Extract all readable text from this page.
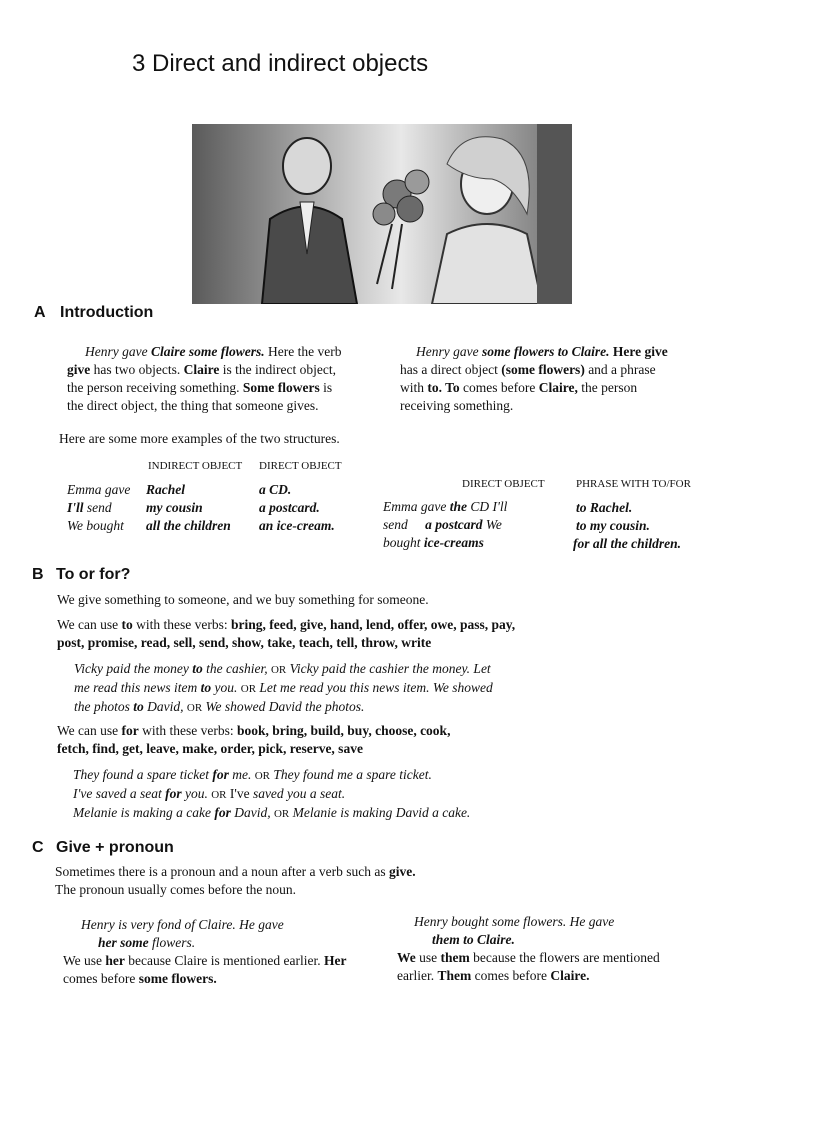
3 Direct and indirect objects
A Introduction
Henry gave Claire some flowers. Here the verb
give has two objects. Claire is the indirect object,
the person receiving something. Some flowers is
the direct object, the thing that someone gives.
Henry gave some flowers to Claire. Here give
has a direct object (some flowers) and a phrase
with to. To comes before Claire, the person
receiving something.
Here are some more examples of the two structures.
INDIRECT OBJECT DIRECT OBJECT
Emma gave
I'll send
We bought
Rachel
my cousin
all the children
a CD.
a postcard.
an ice-cream.
DIRECT OBJECT	PHRASE WITH TO/FOR
Emma gave the CD I'll
send a postcard We
bought ice-creams
to Rachel.
to my cousin.
for all the children.
B To or for?
We give something to someone, and we buy something for someone.
We can use to with these verbs: bring, feed, give, hand, lend, offer, owe, pass, pay,
post, promise, read, sell, send, show, take, teach, tell, throw, write
Vicky paid the money to the cashier, OR Vicky paid the cashier the money. Let
me read this news item to you. OR Let me read you this news item. We showed
the photos to David, OR We showed David the photos.
We can use for with these verbs: book, bring, build, buy, choose, cook,
fetch, find, get, leave, make, order, pick, reserve, save
They found a spare ticket for me. OR They found me a spare ticket.
I've saved a seat for you. OR I've saved you a seat.
Melanie is making a cake for David, OR Melanie is making David a cake.
C Give + pronoun
Sometimes there is a pronoun and a noun after a verb such as give.
The pronoun usually comes before the noun.
Henry is very fond of Claire. He gave
her some flowers.
We use her because Claire is mentioned earlier. Her
comes before some flowers.
Henry bought some flowers. He gave
them to Claire.
We use them because the flowers are mentioned
earlier. Them comes before Claire.
